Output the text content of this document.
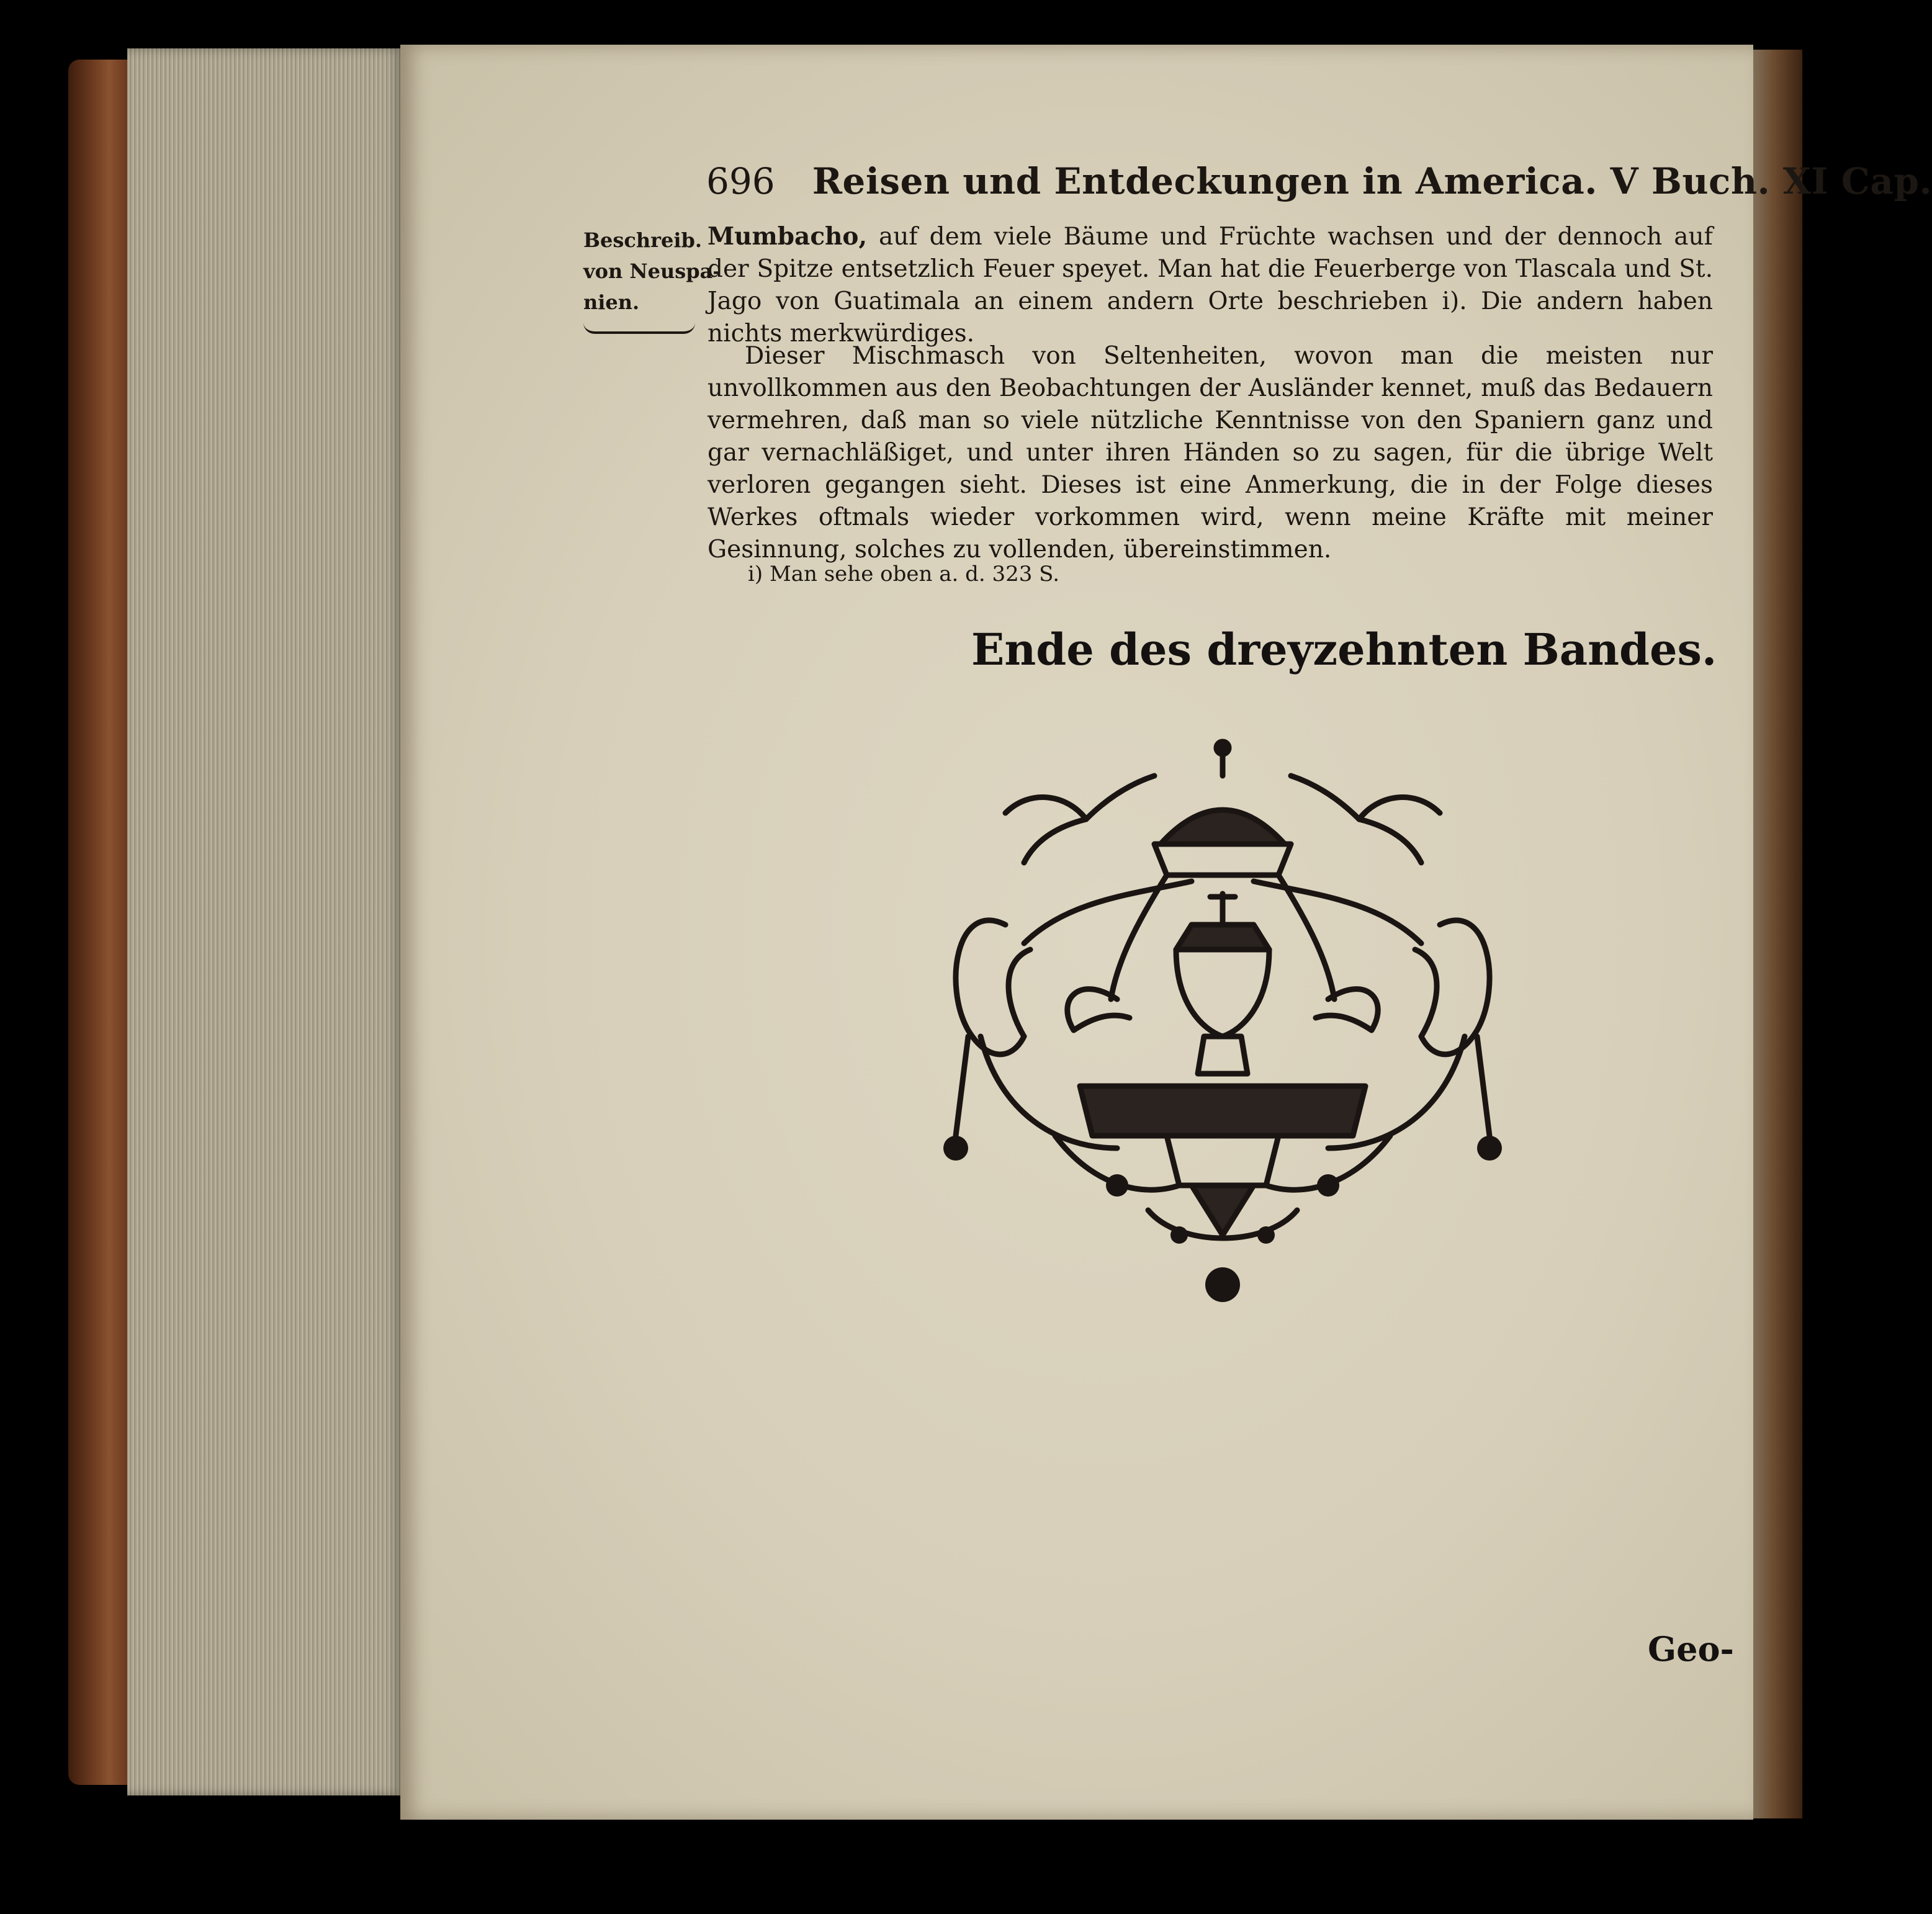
696 Reisen und Entdeckungen in America. V Buch. XI Cap.
Beschreib.
von Neuspa-
nien.
Mumbacho, auf dem viele Bäume und Früchte wachsen und der dennoch auf der Spitze entsetzlich Feuer speyet. Man hat die Feuerberge von Tlascala und St. Jago von Guatimala an einem andern Orte beschrieben i). Die andern haben nichts merkwürdiges.
Dieser Mischmasch von Seltenheiten, wovon man die meisten nur unvollkommen aus den Beobachtungen der Ausländer kennet, muß das Bedauern vermehren, daß man so viele nützliche Kenntnisse von den Spaniern ganz und gar vernachläßiget, und unter ihren Händen so zu sagen, für die übrige Welt verloren gegangen sieht. Dieses ist eine Anmerkung, die in der Folge dieses Werkes oftmals wieder vorkommen wird, wenn meine Kräfte mit meiner Gesinnung, solches zu vollenden, übereinstimmen.
i) Man sehe oben a. d. 323 S.
Ende des dreyzehnten Bandes.
Geo-
